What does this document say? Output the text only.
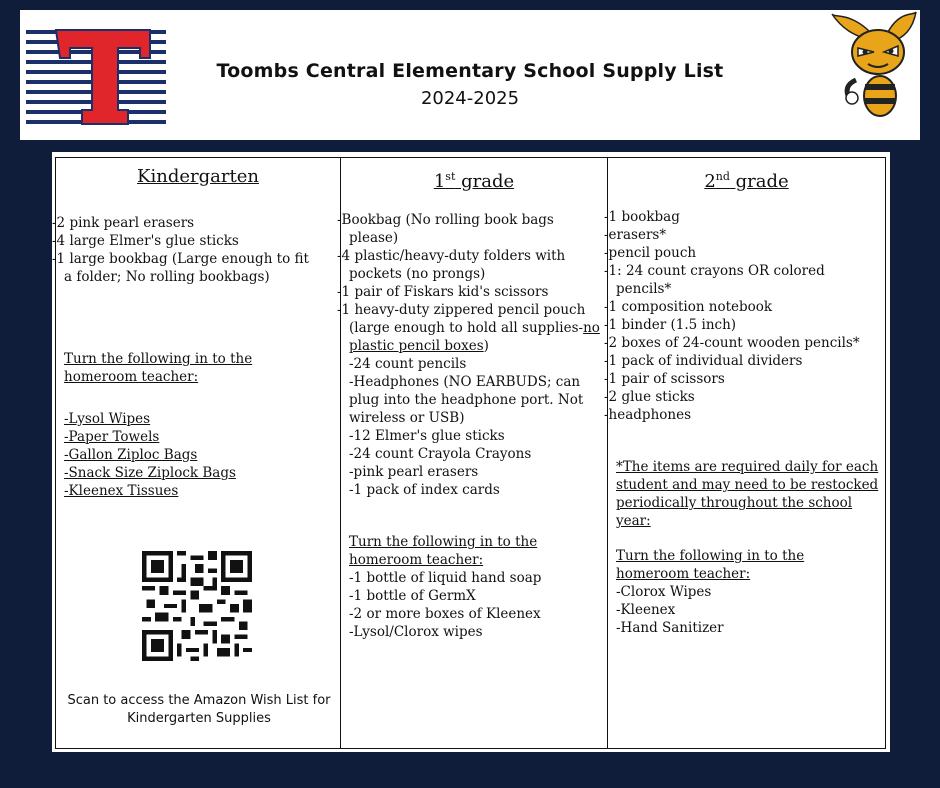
Toombs Central Elementary School Supply List
2024-2025
Kindergarten
-2 pink pearl erasers
-4 large Elmer's glue sticks
-1 large bookbag (Large enough to fit a folder; No rolling bookbags)
Turn the following in to the homeroom teacher:
-Lysol Wipes
-Paper Towels
-Gallon Ziploc Bags
-Snack Size Ziplock Bags
-Kleenex Tissues
Scan to access the Amazon Wish List for Kindergarten Supplies
1st grade
-Bookbag (No rolling book bags please)
-4 plastic/heavy-duty folders with pockets (no prongs)
-1 pair of Fiskars kid's scissors
-1 heavy-duty zippered pencil pouch (large enough to hold all supplies-no plastic pencil boxes)
-24 count pencils
-Headphones (NO EARBUDS; can plug into the headphone port. Not wireless or USB)
-12 Elmer's glue sticks
-24 count Crayola Crayons
-pink pearl erasers
-1 pack of index cards
Turn the following in to the homeroom teacher:
-1 bottle of liquid hand soap
-1 bottle of GermX
-2 or more boxes of Kleenex
-Lysol/Clorox wipes
2nd grade
-1 bookbag
-erasers*
-pencil pouch
-1: 24 count crayons OR colored pencils*
-1 composition notebook
-1 binder (1.5 inch)
-2 boxes of 24-count wooden pencils*
-1 pack of individual dividers
-1 pair of scissors
-2 glue sticks
-headphones
*The items are required daily for each student and may need to be restocked periodically throughout the school year:
Turn the following in to the homeroom teacher:
-Clorox Wipes
-Kleenex
-Hand Sanitizer
